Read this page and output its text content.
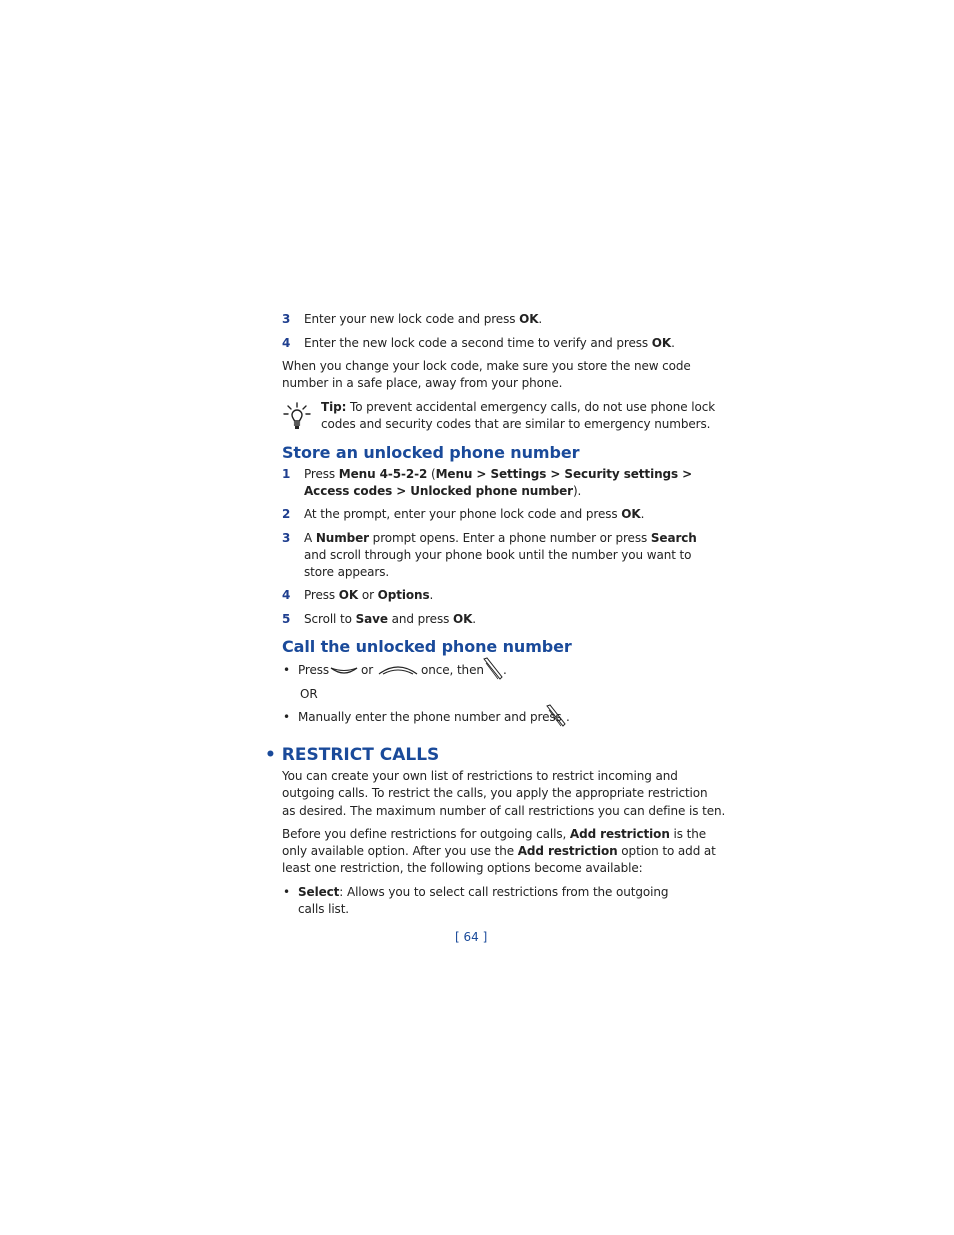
3 Enter your new lock code and press OK.
4 Enter the new lock code a second time to verify and press OK.
When you change your lock code, make sure you store the new code
number in a safe place, away from your phone.
Tip: To prevent accidental emergency calls, do not use phone lock
codes and security codes that are similar to emergency numbers.
Store an unlocked phone number
1 Press Menu 4-5-2-2 (Menu > Settings > Security settings >
Access codes > Unlocked phone number).
2 At the prompt, enter your phone lock code and press OK.
3 A Number prompt opens. Enter a phone number or press Search
and scroll through your phone book until the number you want to
store appears.
4 Press OK or Options.
5 Scroll to Save and press OK.
Call the unlocked phone number
• Press	or	once, then .
OR
• Manually enter the phone number and press .
• RESTRICT CALLS
You can create your own list of restrictions to restrict incoming and
outgoing calls. To restrict the calls, you apply the appropriate restriction
as desired. The maximum number of call restrictions you can define is ten.
Before you define restrictions for outgoing calls, Add restriction is the
only available option. After you use the Add restriction option to add at
least one restriction, the following options become available:
• Select: Allows you to select call restrictions from the outgoing
calls list.
[ 64 ]
